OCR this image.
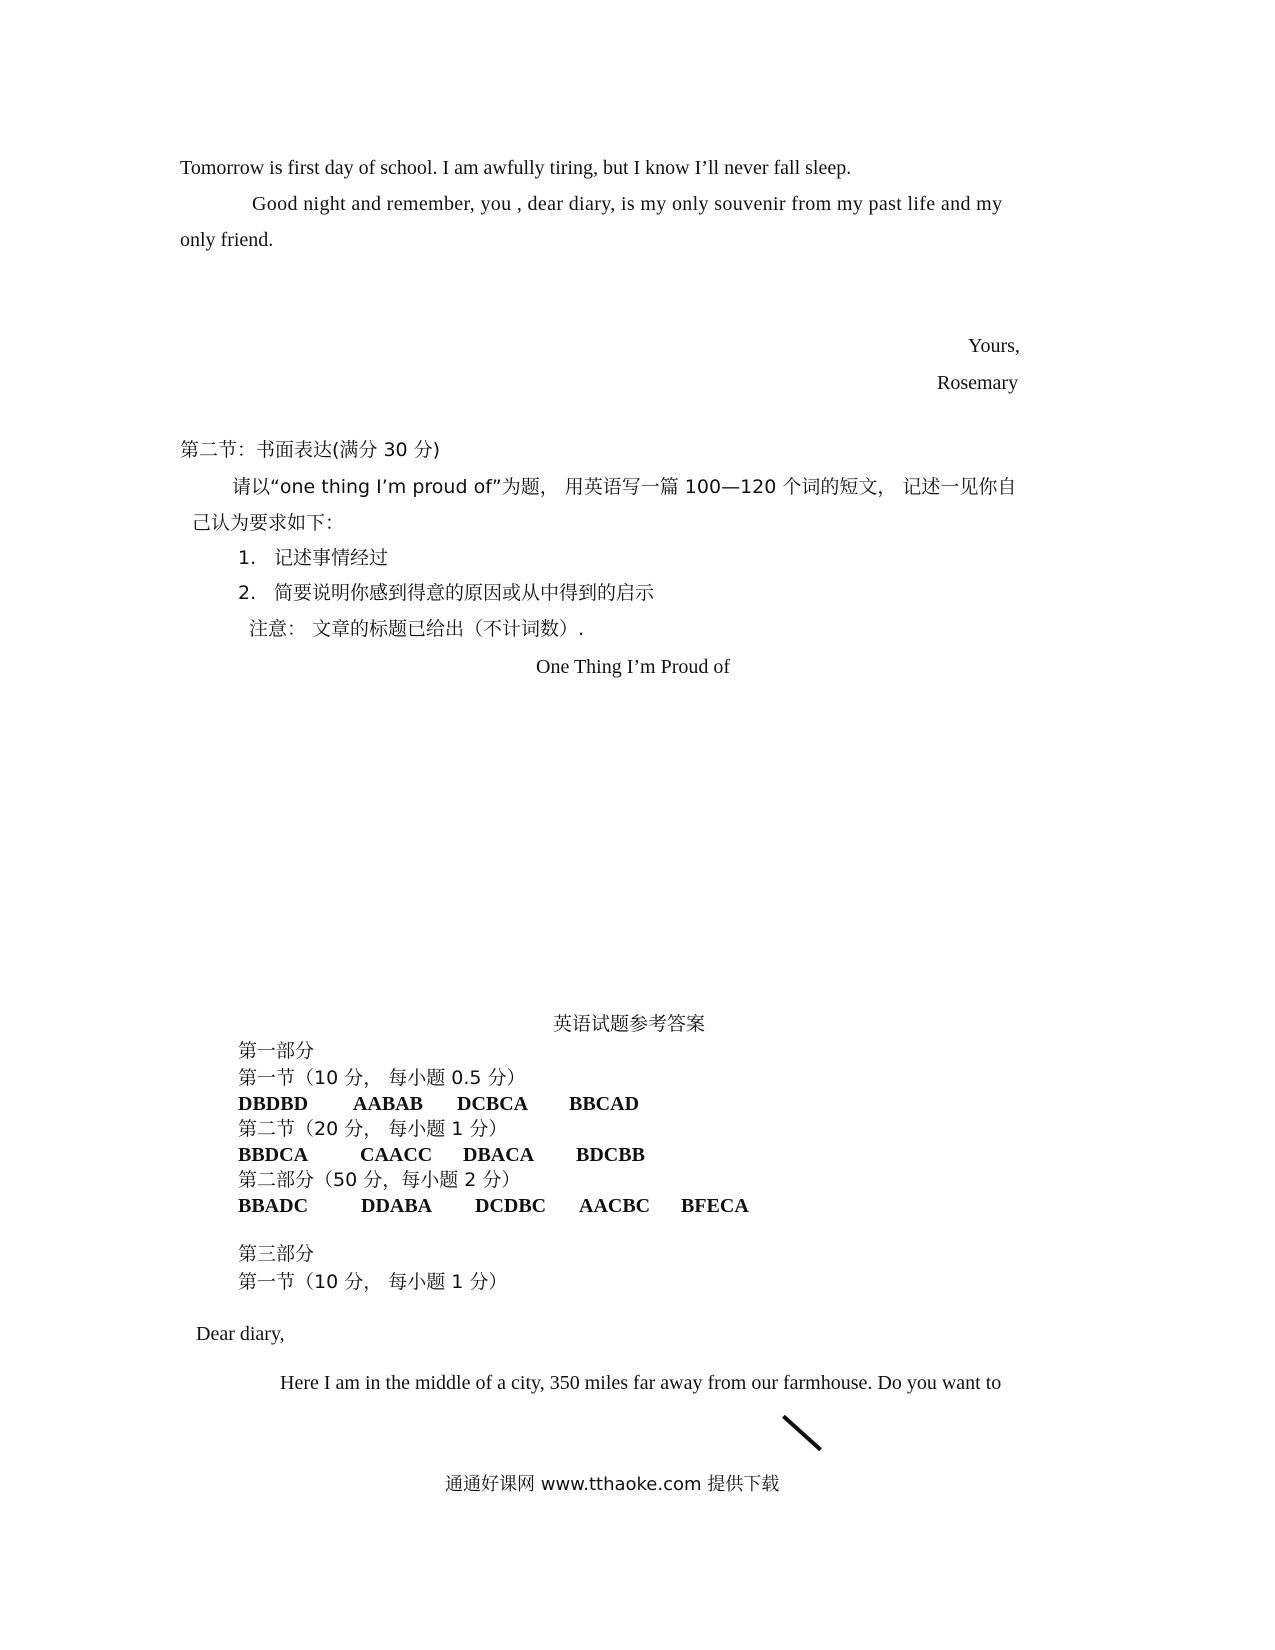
Tomorrow is first day of school. I am awfully tiring, but I know I’ll never fall sleep.
Good night and remember, you , dear diary, is my only souvenir from my past life and my
only friend.
Yours,
Rosemary
第二节：书面表达(满分 30 分)
请以“one thing I’m proud of”为题， 用英语写一篇 100—120 个词的短文， 记述一见你自
己认为要求如下：
1. 记述事情经过
2. 简要说明你感到得意的原因或从中得到的启示
注意： 文章的标题已给出（不计词数）.
One Thing I’m Proud of
英语试题参考答案
第一部分
第一节（10 分， 每小题 0.5 分）
DBDBD	AABAB	DCBCA	BBCAD
第二节（20 分， 每小题 1 分）
BBDCA	CAACC	DBACA	BDCBB
第二部分（50 分，每小题 2 分）
BBADC	DDABA	DCDBC	AACBC	BFECA
第三部分
第一节（10 分， 每小题 1 分）
Dear diary,
Here I am in the middle of a city, 350 miles far away from our farmhouse. Do you want to
通通好课网 www.tthaoke.com 提供下载
